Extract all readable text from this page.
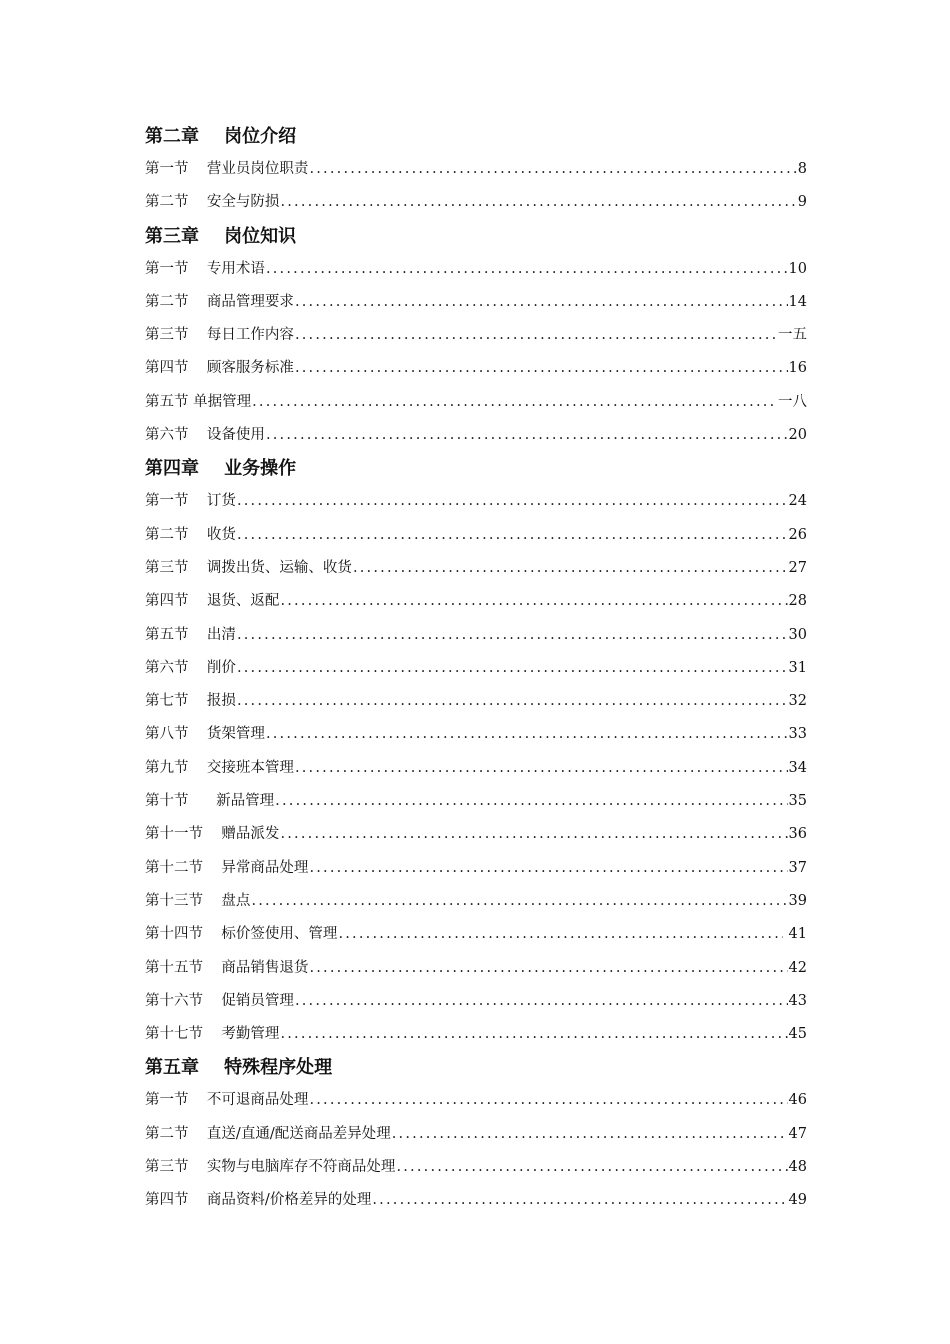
第二章    岗位介绍
第一节    营业员岗位职责 .....	8
第二节    安全与防损 .....	9
第三章    岗位知识
第一节    专用术语 .....	10
第二节    商品管理要求 .....	14
第三节    每日工作内容 .....	一五
第四节    顾客服务标准 .....	16
第五节 单据管理 .....	一八
第六节    设备使用 .....	20
第四章    业务操作
第一节    订货 .....	24
第二节    收货 .....	26
第三节    调拨出货、运输、收货 .....	27
第四节    退货、返配 .....	28
第五节    出清 .....	30
第六节    削价 .....	31
第七节    报损 .....	32
第八节    货架管理 .....	33
第九节    交接班本管理 .....	34
第十节      新品管理 .....	35
第十一节    赠品派发 .....	36
第十二节    异常商品处理 .....	37
第十三节    盘点 .....	39
第十四节    标价签使用、管理 .....	41
第十五节    商品销售退货 .....	42
第十六节    促销员管理 .....	43
第十七节    考勤管理 .....	45
第五章    特殊程序处理
第一节    不可退商品处理 .....	46
第二节    直送/直通/配送商品差异处理 .....	47
第三节    实物与电脑库存不符商品处理 .....	48
第四节    商品资料/价格差异的处理 .....	49
